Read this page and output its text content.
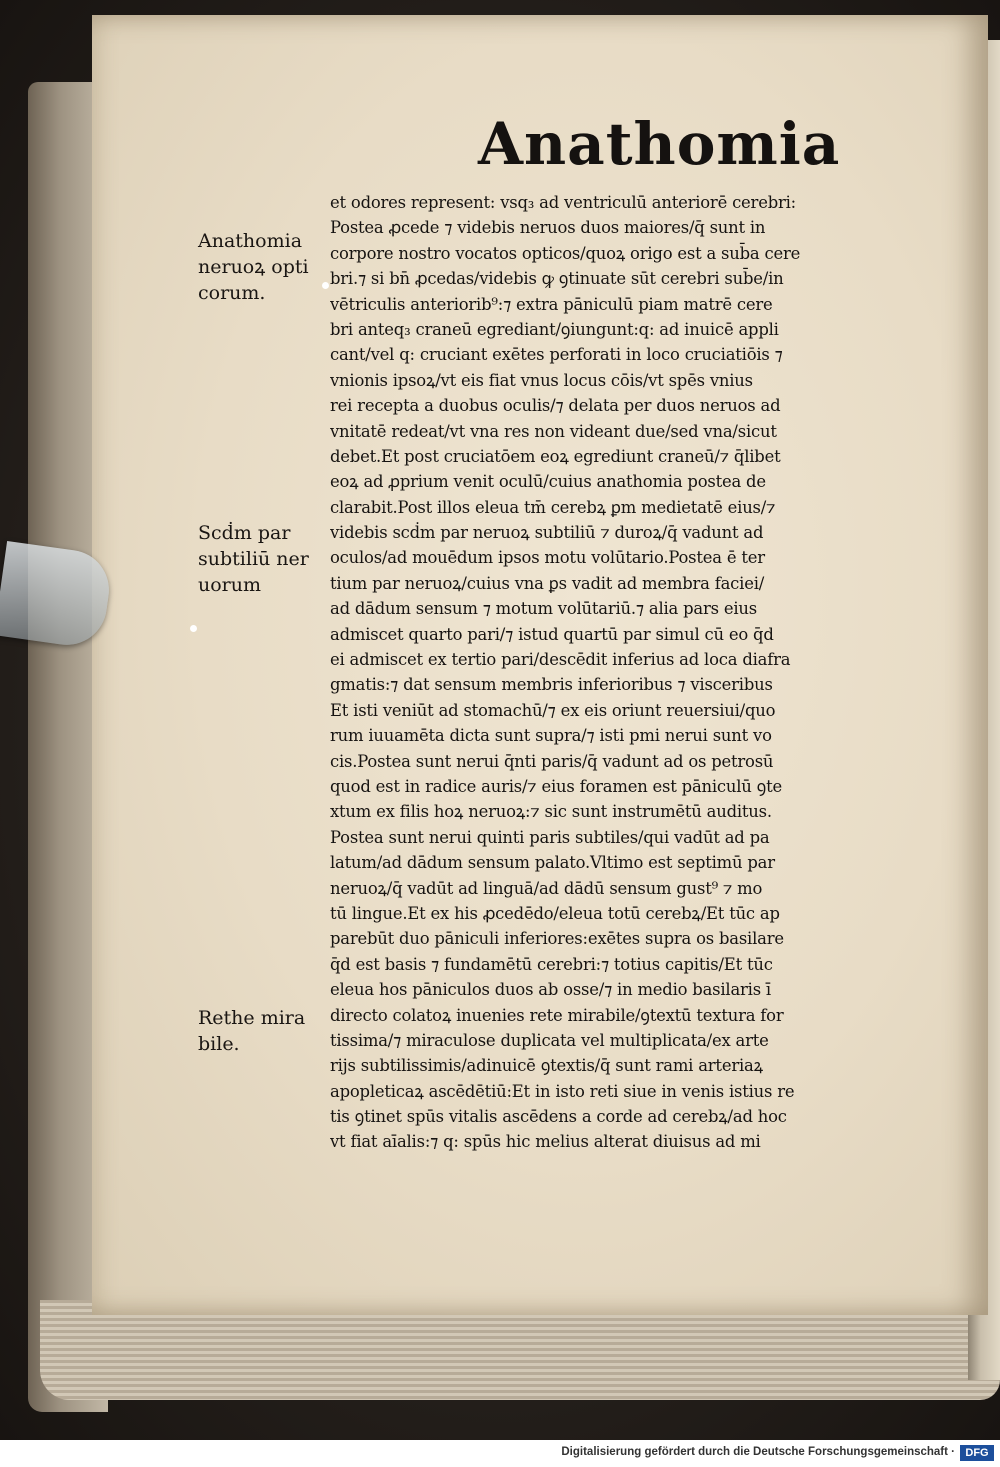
Anathomia
Anathomia neruoꝝ opti corum.
Scḋm par subtiliū ner uorum
Rethe mira bile.
et odores represent: vsq₃ ad ventriculū anteriorē cerebri:
Postea ꝓcede ⁊ videbis neruos duos maiores/q̄ sunt in
corpore nostro vocatos opticos/quoꝝ origo est a sub̄a cere
bri.⁊ si bn̄ ꝓcedas/videbis ꝙ ꝯtinuate sūt cerebri sub̄e/in
vētriculis anteriorib⁹:⁊ extra pāniculū piam matrē cere
bri anteq₃ craneū egrediant/ꝯiungunt:q: ad inuicē appli
cant/vel q: cruciant exētes perforati in loco cruciatiōis ⁊
vnionis ipsoꝝ/vt eis fiat vnus locus cōis/vt spēs vnius
rei recepta a duobus oculis/⁊ delata per duos neruos ad
vnitatē redeat/vt vna res non videant due/sed vna/sicut
debet.Et post cruciatōem eoꝝ egrediunt craneū/⁊ q̄libet
eoꝝ ad ꝓprium venit oculū/cuius anathomia postea de
clarabit.Post illos eleua tm̄ cerebꝝ ꝑm medietatē eius/⁊
videbis scḋm par neruoꝝ subtiliū ⁊ duroꝝ/q̄ vadunt ad
oculos/ad mouēdum ipsos motu volūtario.Postea ē ter
tium par neruoꝝ/cuius vna ꝑs vadit ad membra faciei/
ad dādum sensum ⁊ motum volūtariū.⁊ alia pars eius
admiscet quarto pari/⁊ istud quartū par simul cū eo q̄d
ei admiscet ex tertio pari/descēdit inferius ad loca diafra
gmatis:⁊ dat sensum membris inferioribus ⁊ visceribus
Et isti veniūt ad stomachū/⁊ ex eis oriunt reuersiui/quo
rum iuuamēta dicta sunt supra/⁊ isti pmi nerui sunt vo
cis.Postea sunt nerui q̄nti paris/q̄ vadunt ad os petrosū
quod est in radice auris/⁊ eius foramen est pāniculū ꝯte
xtum ex filis hoꝝ neruoꝝ:⁊ sic sunt instrumētū auditus.
Postea sunt nerui quinti paris subtiles/qui vadūt ad pa
latum/ad dādum sensum palato.Vltimo est septimū par
neruoꝝ/q̄ vadūt ad linguā/ad dādū sensum gust⁹ ⁊ mo
tū lingue.Et ex his ꝓcedēdo/eleua totū cerebꝝ/Et tūc ap
parebūt duo pāniculi inferiores:exētes supra os basilare
q̄d est basis ⁊ fundamētū cerebri:⁊ totius capitis/Et tūc
eleua hos pāniculos duos ab osse/⁊ in medio basilaris ī
directo colatoꝝ inuenies rete mirabile/ꝯtextū textura for
tissima/⁊ miraculose duplicata vel multiplicata/ex arte
rijs subtilissimis/adinuicē ꝯtextis/q̄ sunt rami arteriaꝝ
apopleticaꝝ ascēdētiū:Et in isto reti siue in venis istius re
tis ꝯtinet spūs vitalis ascēdens a corde ad cerebꝝ/ad hoc
vt fiat aīalis:⁊ q: spūs hic melius alterat diuisus ad mi
Digitalisierung gefördert durch die Deutsche Forschungsgemeinschaft · DFG
